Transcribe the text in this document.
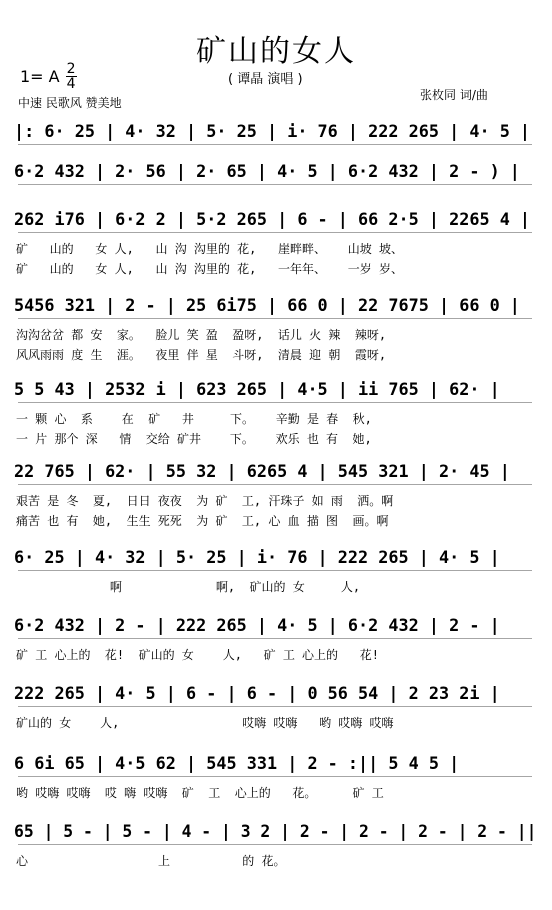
矿山的女人
1= A $\frac{2}{4}$	( 谭晶 演唱 )
中速 民歌风 赞美地
张枚同 词/曲
|: 6· 25 | 4· 32 | 5· 25 | i· 76 | 222 265 | 4· 5 |
6·2 432 | 2· 56 | 2· 65 | 4· 5 | 6·2 432 | 2 - ) |
262 i76 | 6·2 2 | 5·2 265 | 6 - | 66 2·5 | 2265 4 |
矿   山的   女 人,   山 沟 沟里的 花,   崖畔畔、   山坡 坡、
矿   山的   女 人,   山 沟 沟里的 花,   一年年、   一岁 岁、
5456 321 | 2 - | 25 6i75 | 66 0 | 22 7675 | 66 0 |
沟沟岔岔 都 安  家。  脸儿 笑 盈  盈呀,  话儿 火 辣  辣呀,
风风雨雨 度 生  涯。  夜里 伴 星  斗呀,  清晨 迎 朝  霞呀,
5 5 43 | 2532 i | 623 265 | 4·5 | ii 765 | 62· |
一 颗 心  系    在  矿   井     下。   辛勤 是 春  秋,
一 片 那个 深   情  交给 矿井    下。   欢乐 也 有  她,
22 765 | 62· | 55 32 | 6265 4 | 545 321 | 2· 45 |
艰苦 是 冬  夏,  日日 夜夜  为 矿  工, 汗珠子 如 雨  洒。啊
痛苦 也 有  她,  生生 死死  为 矿  工, 心 血 描 图  画。啊
6· 25 | 4· 32 | 5· 25 | i· 76 | 222 265 | 4· 5 |
啊             啊,  矿山的 女     人,
6·2 432 | 2 - | 222 265 | 4· 5 | 6·2 432 | 2 - |
矿 工 心上的  花!  矿山的 女    人,   矿 工 心上的   花!
222 265 | 4· 5 | 6 - | 6 - | 0 56 54 | 2 23 2i |
矿山的 女    人,                 哎嗨 哎嗨   哟 哎嗨 哎嗨
6 6i 65 | 4·5 62 | 545 331 | 2 - :|| 5 4 5 |
哟 哎嗨 哎嗨  哎 嗨 哎嗨  矿  工  心上的   花。     矿 工
65 | 5 - | 5 - | 4 - | 3 2 | 2 - | 2 - | 2 - | 2 - ||
心                  上          的 花。
